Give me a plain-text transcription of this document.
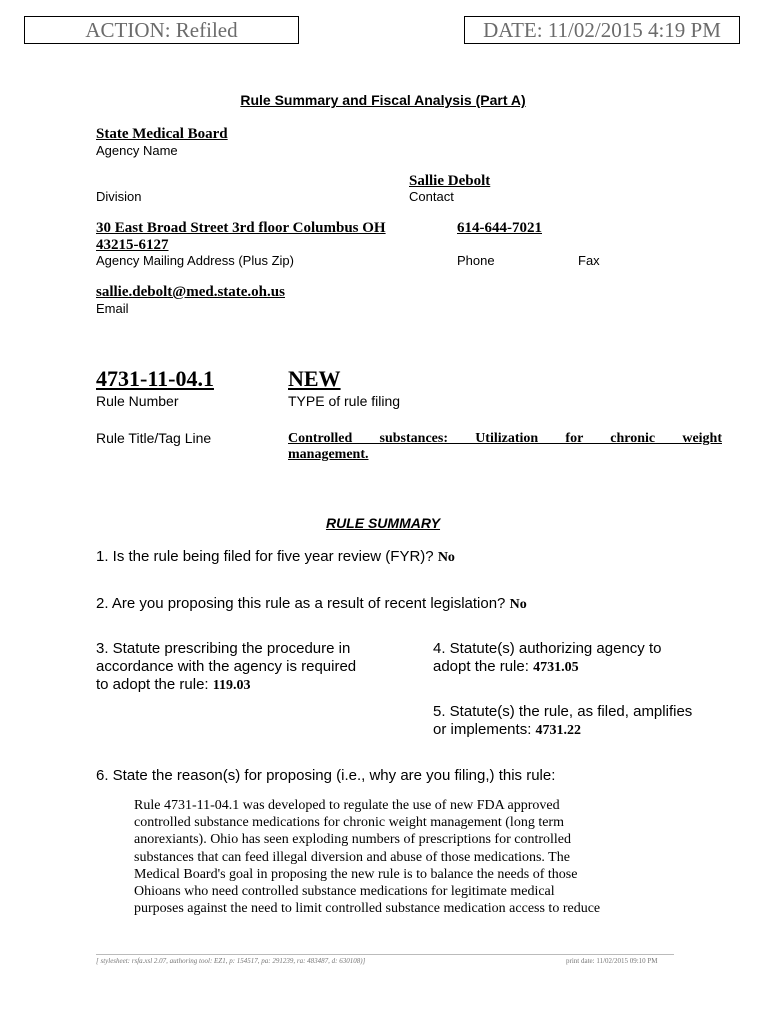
ACTION: Refiled	DATE: 11/02/2015 4:19 PM
Rule Summary and Fiscal Analysis (Part A)
State Medical Board
Agency Name
Sallie Debolt
Division	Contact
30 East Broad Street 3rd floor Columbus OH
43215-6127
614-644-7021
Agency Mailing Address (Plus Zip)	Phone	Fax
sallie.debolt@med.state.oh.us
Email
4731-11-04.1	NEW
Rule Number	TYPE of rule filing
Rule Title/Tag Line	Controlled substances: Utilization for chronic weight
management.
RULE SUMMARY
1. Is the rule being filed for five year review (FYR)? No
2. Are you proposing this rule as a result of recent legislation? No
3. Statute prescribing the procedure in
accordance with the agency is required
to adopt the rule: 119.03
4. Statute(s) authorizing agency to
adopt the rule: 4731.05
5. Statute(s) the rule, as filed, amplifies
or implements: 4731.22
6. State the reason(s) for proposing (i.e., why are you filing,) this rule:
Rule 4731-11-04.1 was developed to regulate the use of new FDA approved
controlled substance medications for chronic weight management (long term
anorexiants). Ohio has seen exploding numbers of prescriptions for controlled
substances that can feed illegal diversion and abuse of those medications. The
Medical Board's goal in proposing the new rule is to balance the needs of those
Ohioans who need controlled substance medications for legitimate medical
purposes against the need to limit controlled substance medication access to reduce
[ stylesheet: rsfa.xsl 2.07, authoring tool: EZ1, p: 154517, pa: 291239, ra: 483487, d: 630108)]	print date: 11/02/2015 09:10 PM
